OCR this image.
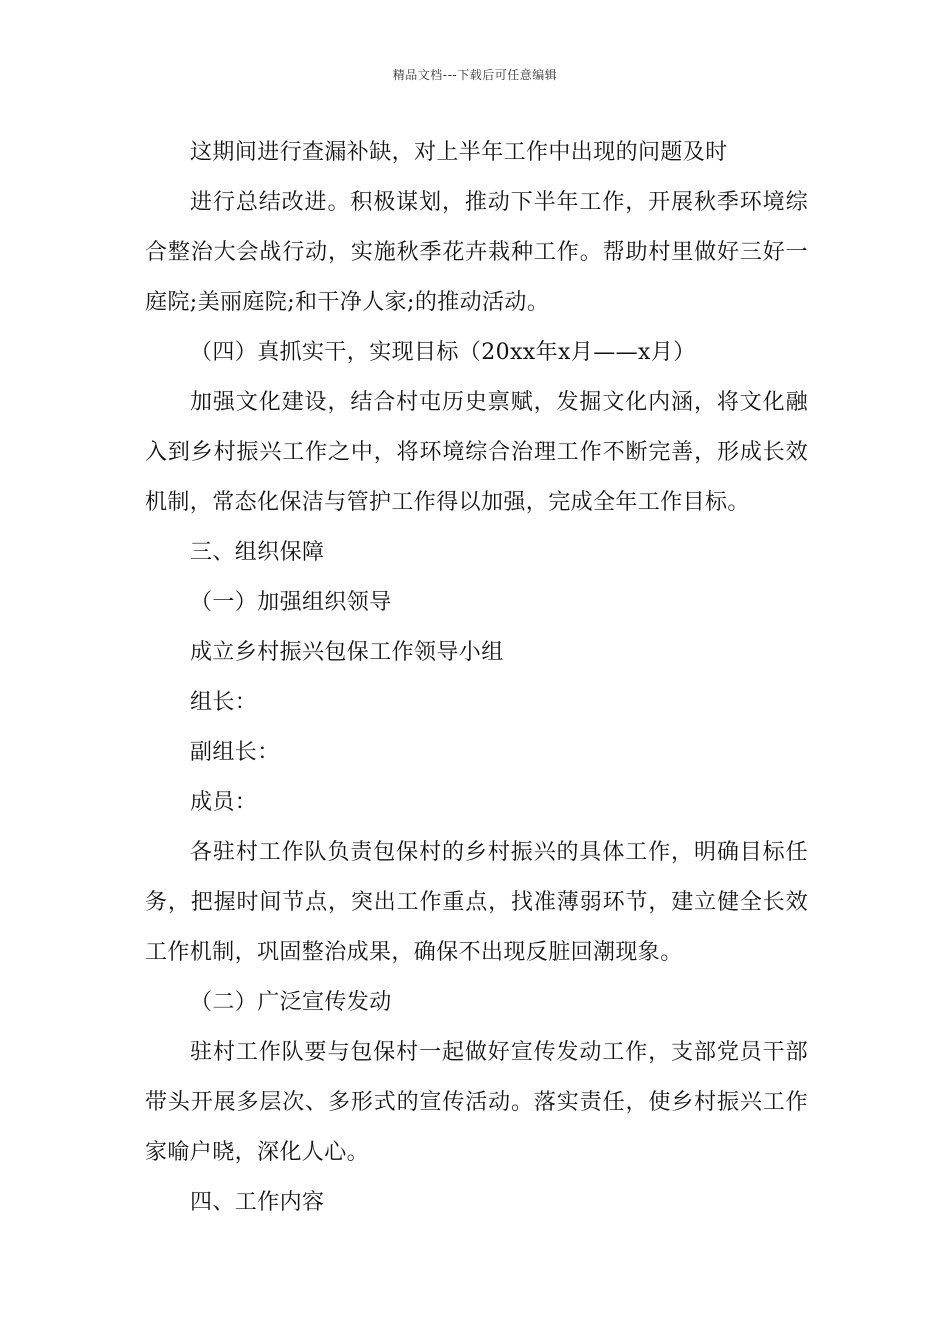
精品文档---下载后可任意编辑
这期间进行查漏补缺，对上半年工作中出现的问题及时
进行总结改进。积极谋划，推动下半年工作，开展秋季环境综
合整治大会战行动，实施秋季花卉栽种工作。帮助村里做好三好一
庭院;美丽庭院;和干净人家;的推动活动。
（四）真抓实干，实现目标（20xx年x月——x月）
加强文化建设，结合村屯历史禀赋，发掘文化内涵，将文化融
入到乡村振兴工作之中，将环境综合治理工作不断完善，形成长效
机制，常态化保洁与管护工作得以加强，完成全年工作目标。
三、组织保障
（一）加强组织领导
成立乡村振兴包保工作领导小组
组长：
副组长：
成员：
各驻村工作队负责包保村的乡村振兴的具体工作，明确目标任
务，把握时间节点，突出工作重点，找准薄弱环节，建立健全长效
工作机制，巩固整治成果，确保不出现反脏回潮现象。
（二）广泛宣传发动
驻村工作队要与包保村一起做好宣传发动工作，支部党员干部
带头开展多层次、多形式的宣传活动。落实责任，使乡村振兴工作
家喻户晓，深化人心。
四、工作内容
